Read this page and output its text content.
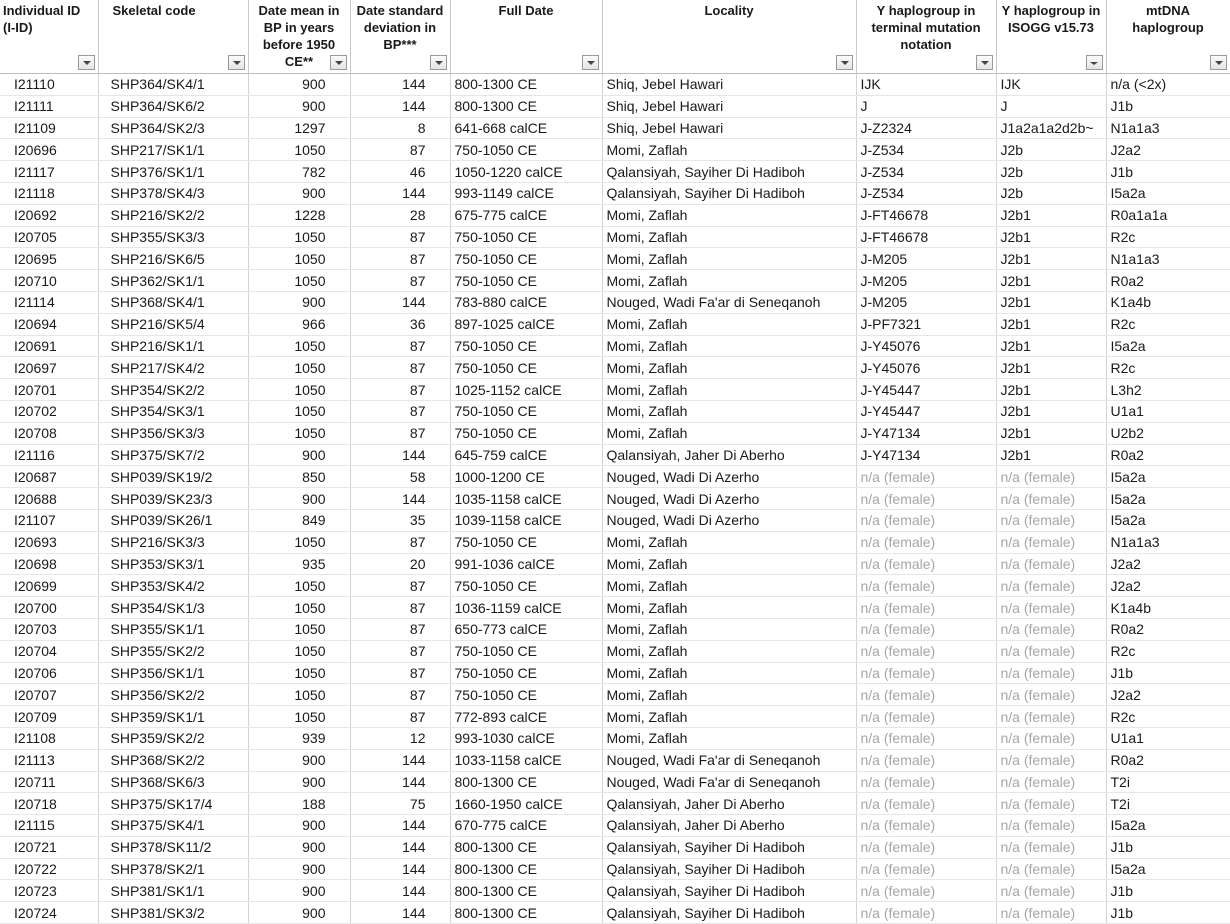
Individual ID (I-ID)	Skeletal code	Date mean in BP in years before 1950 CE**	Date standard deviation in BP***	Full Date	Locality	Y haplogroup in terminal mutation notation	Y haplogroup in ISOGG v15.73	mtDNA haplogroup

I21110	SHP364/SK4/1	900	144	800-1300 CE	Shiq, Jebel Hawari	IJK	IJK	n/a (<2x)
I21111	SHP364/SK6/2	900	144	800-1300 CE	Shiq, Jebel Hawari	J	J	J1b
I21109	SHP364/SK2/3	1297	8	641-668 calCE	Shiq, Jebel Hawari	J-Z2324	J1a2a1a2d2b~	N1a1a3
I20696	SHP217/SK1/1	1050	87	750-1050 CE	Momi, Zaflah	J-Z534	J2b	J2a2
I21117	SHP376/SK1/1	782	46	1050-1220 calCE	Qalansiyah, Sayiher Di Hadiboh	J-Z534	J2b	J1b
I21118	SHP378/SK4/3	900	144	993-1149 calCE	Qalansiyah, Sayiher Di Hadiboh	J-Z534	J2b	I5a2a
I20692	SHP216/SK2/2	1228	28	675-775 calCE	Momi, Zaflah	J-FT46678	J2b1	R0a1a1a
I20705	SHP355/SK3/3	1050	87	750-1050 CE	Momi, Zaflah	J-FT46678	J2b1	R2c
I20695	SHP216/SK6/5	1050	87	750-1050 CE	Momi, Zaflah	J-M205	J2b1	N1a1a3
I20710	SHP362/SK1/1	1050	87	750-1050 CE	Momi, Zaflah	J-M205	J2b1	R0a2
I21114	SHP368/SK4/1	900	144	783-880 calCE	Nouged, Wadi Fa'ar di Seneqanoh	J-M205	J2b1	K1a4b
I20694	SHP216/SK5/4	966	36	897-1025 calCE	Momi, Zaflah	J-PF7321	J2b1	R2c
I20691	SHP216/SK1/1	1050	87	750-1050 CE	Momi, Zaflah	J-Y45076	J2b1	I5a2a
I20697	SHP217/SK4/2	1050	87	750-1050 CE	Momi, Zaflah	J-Y45076	J2b1	R2c
I20701	SHP354/SK2/2	1050	87	1025-1152 calCE	Momi, Zaflah	J-Y45447	J2b1	L3h2
I20702	SHP354/SK3/1	1050	87	750-1050 CE	Momi, Zaflah	J-Y45447	J2b1	U1a1
I20708	SHP356/SK3/3	1050	87	750-1050 CE	Momi, Zaflah	J-Y47134	J2b1	U2b2
I21116	SHP375/SK7/2	900	144	645-759 calCE	Qalansiyah, Jaher Di Aberho	J-Y47134	J2b1	R0a2
I20687	SHP039/SK19/2	850	58	1000-1200 CE	Nouged, Wadi Di Azerho	n/a (female)	n/a (female)	I5a2a
I20688	SHP039/SK23/3	900	144	1035-1158 calCE	Nouged, Wadi Di Azerho	n/a (female)	n/a (female)	I5a2a
I21107	SHP039/SK26/1	849	35	1039-1158 calCE	Nouged, Wadi Di Azerho	n/a (female)	n/a (female)	I5a2a
I20693	SHP216/SK3/3	1050	87	750-1050 CE	Momi, Zaflah	n/a (female)	n/a (female)	N1a1a3
I20698	SHP353/SK3/1	935	20	991-1036 calCE	Momi, Zaflah	n/a (female)	n/a (female)	J2a2
I20699	SHP353/SK4/2	1050	87	750-1050 CE	Momi, Zaflah	n/a (female)	n/a (female)	J2a2
I20700	SHP354/SK1/3	1050	87	1036-1159 calCE	Momi, Zaflah	n/a (female)	n/a (female)	K1a4b
I20703	SHP355/SK1/1	1050	87	650-773 calCE	Momi, Zaflah	n/a (female)	n/a (female)	R0a2
I20704	SHP355/SK2/2	1050	87	750-1050 CE	Momi, Zaflah	n/a (female)	n/a (female)	R2c
I20706	SHP356/SK1/1	1050	87	750-1050 CE	Momi, Zaflah	n/a (female)	n/a (female)	J1b
I20707	SHP356/SK2/2	1050	87	750-1050 CE	Momi, Zaflah	n/a (female)	n/a (female)	J2a2
I20709	SHP359/SK1/1	1050	87	772-893 calCE	Momi, Zaflah	n/a (female)	n/a (female)	R2c
I21108	SHP359/SK2/2	939	12	993-1030 calCE	Momi, Zaflah	n/a (female)	n/a (female)	U1a1
I21113	SHP368/SK2/2	900	144	1033-1158 calCE	Nouged, Wadi Fa'ar di Seneqanoh	n/a (female)	n/a (female)	R0a2
I20711	SHP368/SK6/3	900	144	800-1300 CE	Nouged, Wadi Fa'ar di Seneqanoh	n/a (female)	n/a (female)	T2i
I20718	SHP375/SK17/4	188	75	1660-1950 calCE	Qalansiyah, Jaher Di Aberho	n/a (female)	n/a (female)	T2i
I21115	SHP375/SK4/1	900	144	670-775 calCE	Qalansiyah, Jaher Di Aberho	n/a (female)	n/a (female)	I5a2a
I20721	SHP378/SK11/2	900	144	800-1300 CE	Qalansiyah, Sayiher Di Hadiboh	n/a (female)	n/a (female)	J1b
I20722	SHP378/SK2/1	900	144	800-1300 CE	Qalansiyah, Sayiher Di Hadiboh	n/a (female)	n/a (female)	I5a2a
I20723	SHP381/SK1/1	900	144	800-1300 CE	Qalansiyah, Sayiher Di Hadiboh	n/a (female)	n/a (female)	J1b
I20724	SHP381/SK3/2	900	144	800-1300 CE	Qalansiyah, Sayiher Di Hadiboh	n/a (female)	n/a (female)	J1b
